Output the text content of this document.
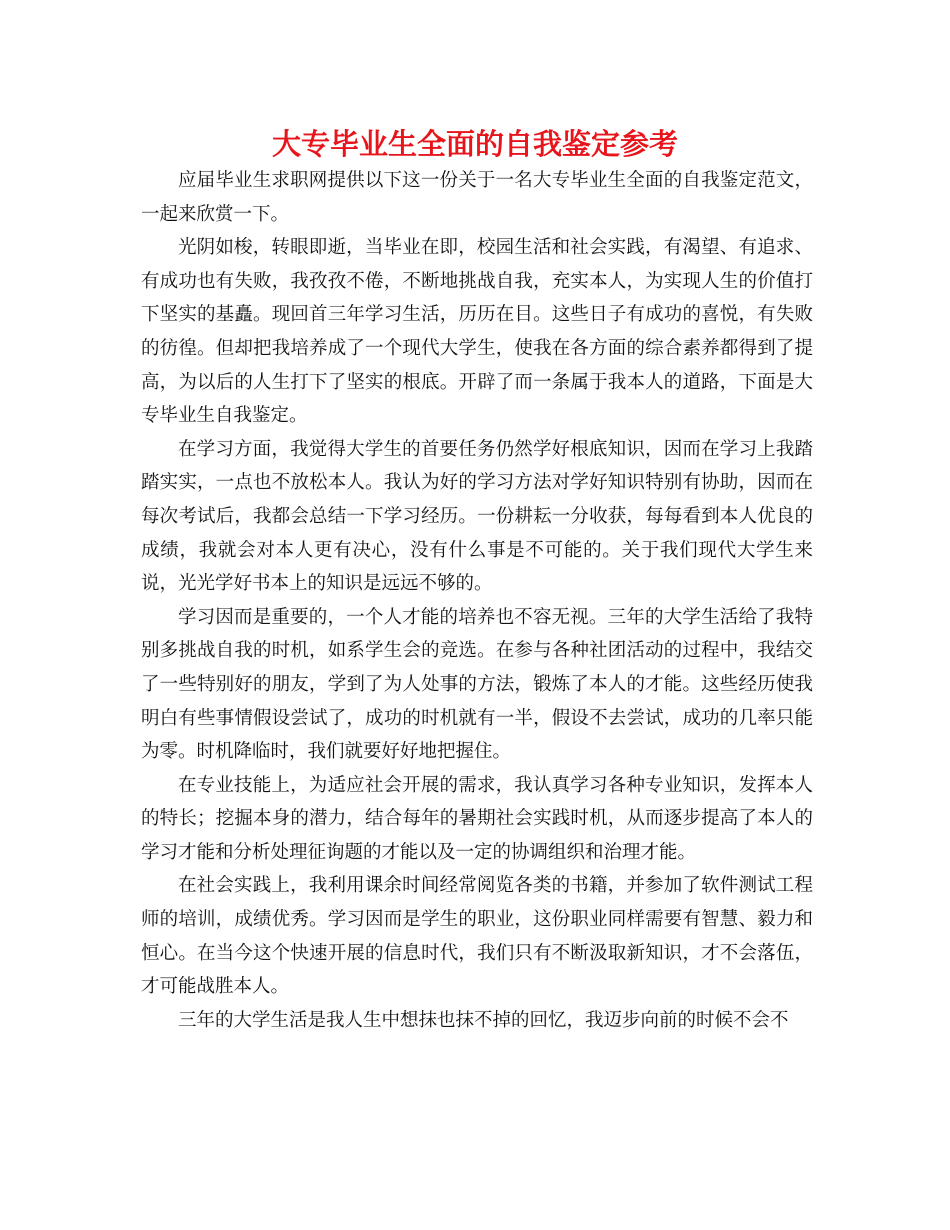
大专毕业生全面的自我鉴定参考

应届毕业生求职网提供以下这一份关于一名大专毕业生全面的自我鉴定范文，一起来欣赏一下。

光阴如梭，转眼即逝，当毕业在即，校园生活和社会实践，有渴望、有追求、有成功也有失败，我孜孜不倦，不断地挑战自我，充实本人，为实现人生的价值打下坚实的基矗。现回首三年学习生活，历历在目。这些日子有成功的喜悦，有失败的彷徨。但却把我培养成了一个现代大学生，使我在各方面的综合素养都得到了提高，为以后的人生打下了坚实的根底。开辟了而一条属于我本人的道路，下面是大专毕业生自我鉴定。

在学习方面，我觉得大学生的首要任务仍然学好根底知识，因而在学习上我踏踏实实，一点也不放松本人。我认为好的学习方法对学好知识特别有协助，因而在每次考试后，我都会总结一下学习经历。一份耕耘一分收获，每每看到本人优良的成绩，我就会对本人更有决心，没有什么事是不可能的。关于我们现代大学生来说，光光学好书本上的知识是远远不够的。

学习因而是重要的，一个人才能的培养也不容无视。三年的大学生活给了我特别多挑战自我的时机，如系学生会的竞选。在参与各种社团活动的过程中，我结交了一些特别好的朋友，学到了为人处事的方法，锻炼了本人的才能。这些经历使我明白有些事情假设尝试了，成功的时机就有一半，假设不去尝试，成功的几率只能为零。时机降临时，我们就要好好地把握住。

在专业技能上，为适应社会开展的需求，我认真学习各种专业知识，发挥本人的特长；挖掘本身的潜力，结合每年的暑期社会实践时机，从而逐步提高了本人的学习才能和分析处理征询题的才能以及一定的协调组织和治理才能。

在社会实践上，我利用课余时间经常阅览各类的书籍，并参加了软件测试工程师的培训，成绩优秀。学习因而是学生的职业，这份职业同样需要有智慧、毅力和恒心。在当今这个快速开展的信息时代，我们只有不断汲取新知识，才不会落伍，才可能战胜本人。

三年的大学生活是我人生中想抹也抹不掉的回忆，我迈步向前的时候不会不
